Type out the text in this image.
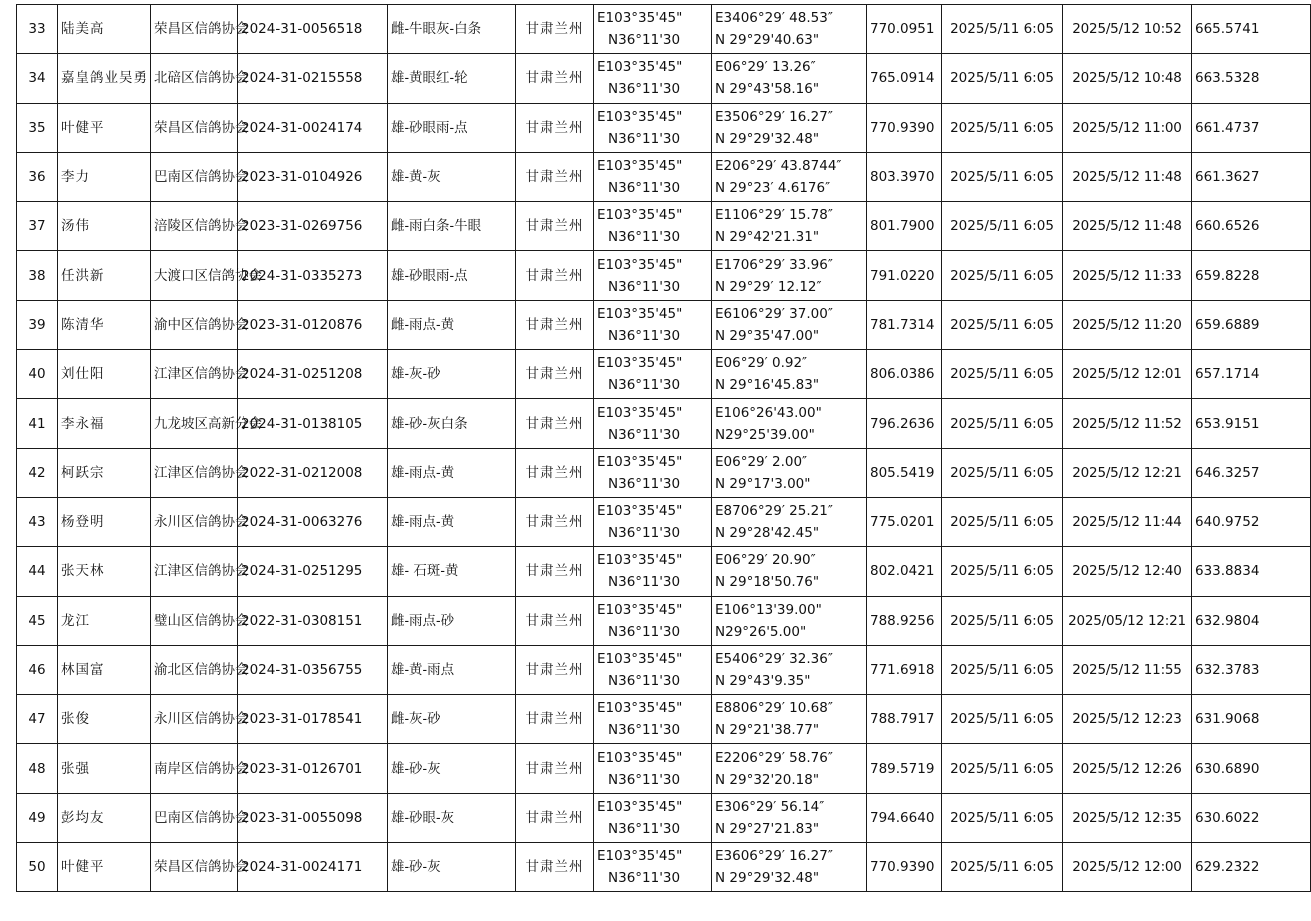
33	陆美高	荣昌区信鸽协会	2024-31-0056518	雌-牛眼灰-白条	甘肃兰州	E103°35'45"
N36°11'30	E3406°29′ 48.53″
N 29°29'40.63"	770.0951	2025/5/11 6:05	2025/5/12 10:52	665.5741
34	嘉皇鸽业吴勇	北碚区信鸽协会	2024-31-0215558	雄-黄眼红-轮	甘肃兰州	E103°35'45"
N36°11'30	E06°29′ 13.26″
N 29°43'58.16"	765.0914	2025/5/11 6:05	2025/5/12 10:48	663.5328
35	叶健平	荣昌区信鸽协会	2024-31-0024174	雄-砂眼雨-点	甘肃兰州	E103°35'45"
N36°11'30	E3506°29′ 16.27″
N 29°29'32.48"	770.9390	2025/5/11 6:05	2025/5/12 11:00	661.4737
36	李力	巴南区信鸽协会	2023-31-0104926	雄-黄-灰	甘肃兰州	E103°35'45"
N36°11'30	E206°29′ 43.8744″
N 29°23′ 4.6176″	803.3970	2025/5/11 6:05	2025/5/12 11:48	661.3627
37	汤伟	涪陵区信鸽协会	2023-31-0269756	雌-雨白条-牛眼	甘肃兰州	E103°35'45"
N36°11'30	E1106°29′ 15.78″
N 29°42'21.31"	801.7900	2025/5/11 6:05	2025/5/12 11:48	660.6526
38	任洪新	大渡口区信鸽协会	2024-31-0335273	雄-砂眼雨-点	甘肃兰州	E103°35'45"
N36°11'30	E1706°29′ 33.96″
N 29°29′ 12.12″	791.0220	2025/5/11 6:05	2025/5/12 11:33	659.8228
39	陈清华	渝中区信鸽协会	2023-31-0120876	雌-雨点-黄	甘肃兰州	E103°35'45"
N36°11'30	E6106°29′ 37.00″
N 29°35'47.00"	781.7314	2025/5/11 6:05	2025/5/12 11:20	659.6889
40	刘仕阳	江津区信鸽协会	2024-31-0251208	雄-灰-砂	甘肃兰州	E103°35'45"
N36°11'30	E06°29′ 0.92″
N 29°16'45.83"	806.0386	2025/5/11 6:05	2025/5/12 12:01	657.1714
41	李永福	九龙坡区高新分会	2024-31-0138105	雄-砂-灰白条	甘肃兰州	E103°35'45"
N36°11'30	E106°26'43.00"
N29°25'39.00"	796.2636	2025/5/11 6:05	2025/5/12 11:52	653.9151
42	柯跃宗	江津区信鸽协会	2022-31-0212008	雄-雨点-黄	甘肃兰州	E103°35'45"
N36°11'30	E06°29′ 2.00″
N 29°17'3.00"	805.5419	2025/5/11 6:05	2025/5/12 12:21	646.3257
43	杨登明	永川区信鸽协会	2024-31-0063276	雄-雨点-黄	甘肃兰州	E103°35'45"
N36°11'30	E8706°29′ 25.21″
N 29°28'42.45"	775.0201	2025/5/11 6:05	2025/5/12 11:44	640.9752
44	张天林	江津区信鸽协会	2024-31-0251295	雄- 石斑-黄	甘肃兰州	E103°35'45"
N36°11'30	E06°29′ 20.90″
N 29°18'50.76"	802.0421	2025/5/11 6:05	2025/5/12 12:40	633.8834
45	龙江	璧山区信鸽协会	2022-31-0308151	雌-雨点-砂	甘肃兰州	E103°35'45"
N36°11'30	E106°13'39.00"
N29°26'5.00"	788.9256	2025/5/11 6:05	2025/05/12 12:21	632.9804
46	林国富	渝北区信鸽协会	2024-31-0356755	雄-黄-雨点	甘肃兰州	E103°35'45"
N36°11'30	E5406°29′ 32.36″
N 29°43'9.35"	771.6918	2025/5/11 6:05	2025/5/12 11:55	632.3783
47	张俊	永川区信鸽协会	2023-31-0178541	雌-灰-砂	甘肃兰州	E103°35'45"
N36°11'30	E8806°29′ 10.68″
N 29°21'38.77"	788.7917	2025/5/11 6:05	2025/5/12 12:23	631.9068
48	张强	南岸区信鸽协会	2023-31-0126701	雄-砂-灰	甘肃兰州	E103°35'45"
N36°11'30	E2206°29′ 58.76″
N 29°32'20.18"	789.5719	2025/5/11 6:05	2025/5/12 12:26	630.6890
49	彭均友	巴南区信鸽协会	2023-31-0055098	雄-砂眼-灰	甘肃兰州	E103°35'45"
N36°11'30	E306°29′ 56.14″
N 29°27'21.83"	794.6640	2025/5/11 6:05	2025/5/12 12:35	630.6022
50	叶健平	荣昌区信鸽协会	2024-31-0024171	雄-砂-灰	甘肃兰州	E103°35'45"
N36°11'30	E3606°29′ 16.27″
N 29°29'32.48"	770.9390	2025/5/11 6:05	2025/5/12 12:00	629.2322
